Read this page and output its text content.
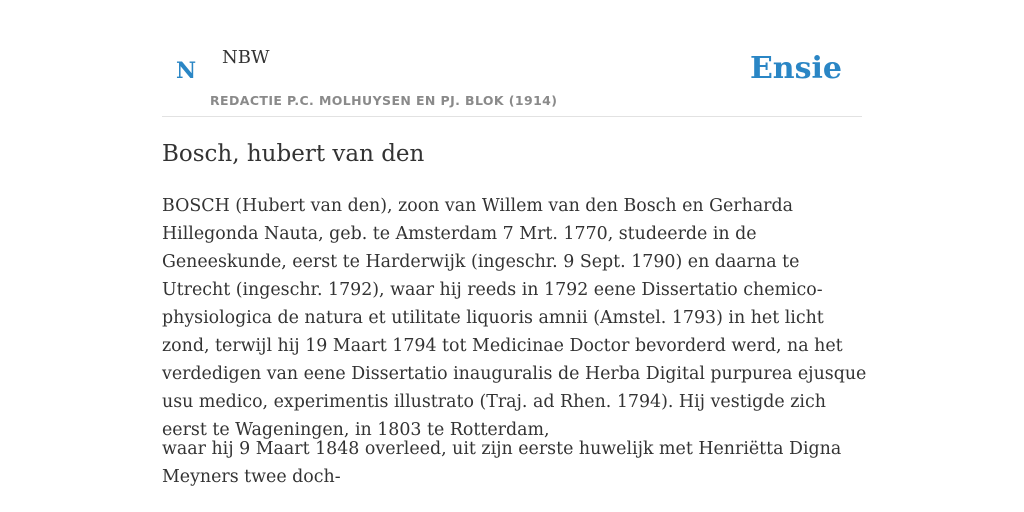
N
NBW
REDACTIE P.C. MOLHUYSEN EN PJ. BLOK (1914)
Ensie
Bosch, hubert van den

BOSCH (Hubert van den), zoon van Willem van den Bosch en Gerharda Hillegonda Nauta, geb. te Amsterdam 7 Mrt. 1770, studeerde in de Geneeskunde, eerst te Harderwijk (ingeschr. 9 Sept. 1790) en daarna te Utrecht (ingeschr. 1792), waar hij reeds in 1792 eene Dissertatio chemico-physiologica de natura et utilitate liquoris amnii (Amstel. 1793) in het licht zond, terwijl hij 19 Maart 1794 tot Medicinae Doctor bevorderd werd, na het verdedigen van eene Dissertatio inauguralis de Herba Digital purpurea ejusque usu medico, experimentis illustrato (Traj. ad Rhen. 1794). Hij vestigde zich eerst te Wageningen, in 1803 te Rotterdam,

waar hij 9 Maart 1848 overleed, uit zijn eerste huwelijk met Henriëtta Digna Meyners twee doch-
